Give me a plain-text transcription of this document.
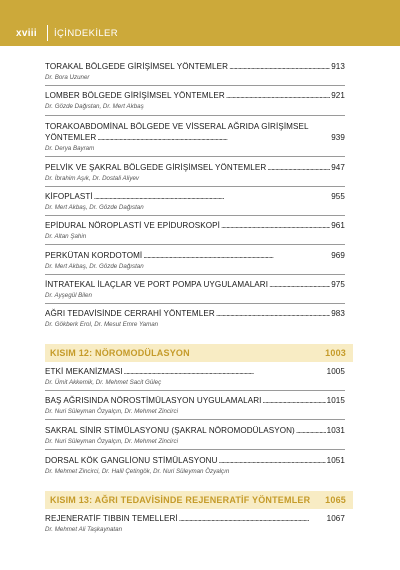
xviii İÇİNDEKİLER
TORAKAL BÖLGEDE GİRİŞİMSEL YÖNTEMLER . . .	913
Dr. Bora Uzuner
LOMBER BÖLGEDE GİRİŞİMSEL YÖNTEMLER . . .	921
Dr. Gözde Dağıstan, Dr. Mert Akbaş
TORAKOABDOMİNAL BÖLGEDE VE VİSSERAL AĞRIDA GİRİŞİMSEL
YÖNTEMLER . . .	939
Dr. Derya Bayram
PELVİK VE ŞAKRAL BÖLGEDE GİRİŞİMSEL YÖNTEMLER . . .	947
Dr. İbrahim Aşık, Dr. Dostali Aliyev
KİFOPLASTİ . . .	955
Dr. Mert Akbaş, Dr. Gözde Dağıstan
EPİDURAL NÖROPLASTİ VE EPİDUROSKOPİ . . .	961
Dr. Altan Şahin
PERKÜTAN KORDOTOMİ . . .	969
Dr. Mert Akbaş, Dr. Gözde Dağıstan
İNTRATEKAL İLAÇLAR VE PORT POMPA UYGULAMALARI . . .	975
Dr. Ayşegül Bilen
AĞRI TEDAVİSİNDE CERRAHİ YÖNTEMLER . . .	983
Dr. Gökberk Erol, Dr. Mesut Emre Yaman
KISIM 12: NÖROMODÜLASYON	1003
ETKİ MEKANİZMASI . . .	1005
Dr. Ümit Akkemik, Dr. Mehmet Sacit Güleç
BAŞ AĞRISINDA NÖROSTİMÜLASYON UYGULAMALARI . . .	1015
Dr. Nuri Süleyman Özyalçın, Dr. Mehmet Zincirci
SAKRAL SİNİR STİMÜLASYONU (ŞAKRAL NÖROMODÜLASYON) . . .	1031
Dr. Nuri Süleyman Özyalçın, Dr. Mehmet Zincirci
DORSAL KÖK GANGLİONU STİMÜLASYONU . . .	1051
Dr. Mehmet Zincirci, Dr. Halil Çetingök, Dr. Nuri Süleyman Özyalçın
KISIM 13: AĞRI TEDAVİSİNDE REJENERATİF YÖNTEMLER 1065
REJENERATİF TIBBIN TEMELLERİ . . .	1067
Dr. Mehmet Ali Taşkaynatan
